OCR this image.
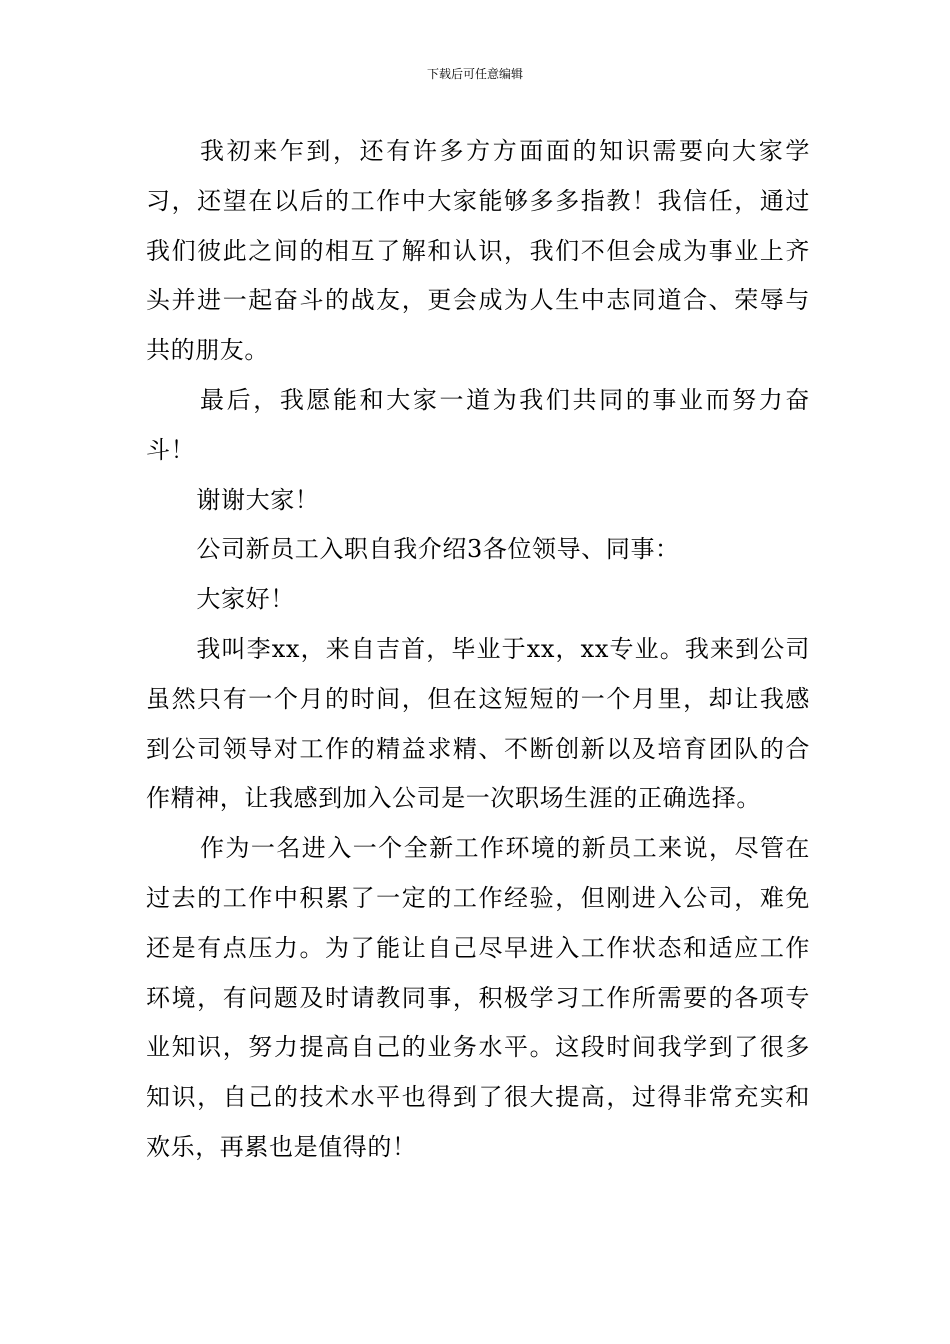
下载后可任意编辑

我初来乍到，还有许多方方面面的知识需要向大家学习，还望在以后的工作中大家能够多多指教！我信任，通过我们彼此之间的相互了解和认识，我们不但会成为事业上齐头并进一起奋斗的战友，更会成为人生中志同道合、荣辱与共的朋友。

最后，我愿能和大家一道为我们共同的事业而努力奋斗！

谢谢大家！

公司新员工入职自我介绍3各位领导、同事：

大家好！

我叫李xx，来自吉首，毕业于xx，xx专业。我来到公司虽然只有一个月的时间，但在这短短的一个月里，却让我感到公司领导对工作的精益求精、不断创新以及培育团队的合作精神，让我感到加入公司是一次职场生涯的正确选择。

作为一名进入一个全新工作环境的新员工来说，尽管在过去的工作中积累了一定的工作经验，但刚进入公司，难免还是有点压力。为了能让自己尽早进入工作状态和适应工作环境，有问题及时请教同事，积极学习工作所需要的各项专业知识，努力提高自己的业务水平。这段时间我学到了很多知识，自己的技术水平也得到了很大提高，过得非常充实和欢乐，再累也是值得的！
